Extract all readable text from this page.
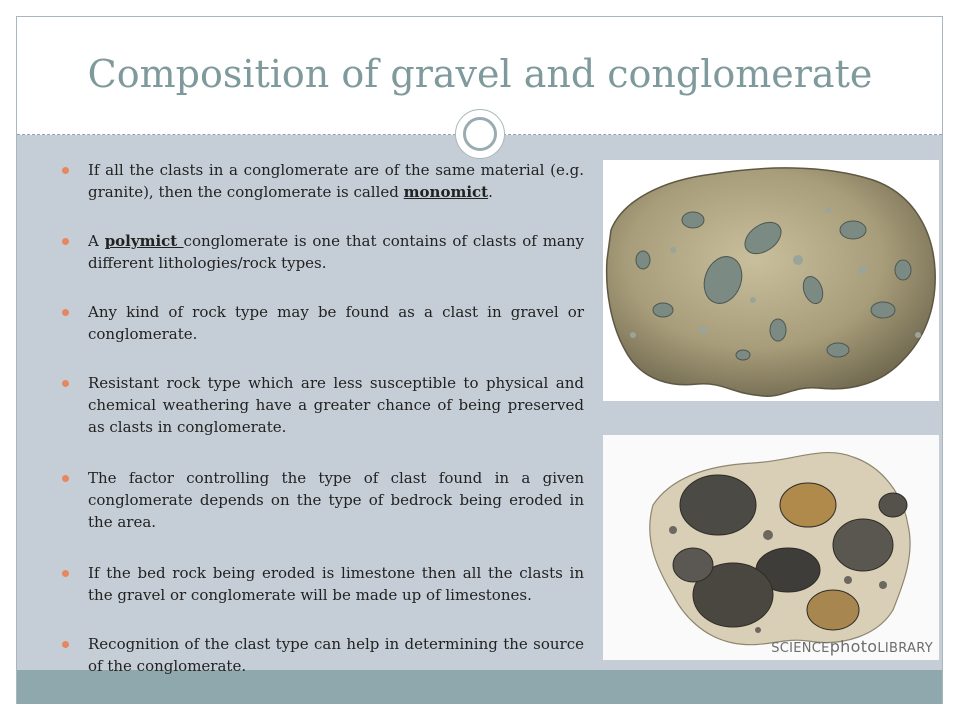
Composition of gravel and conglomerate
If all the clasts in a conglomerate are of the same material (e.g. granite), then the conglomerate is called monomict.
A polymict conglomerate is one that contains of clasts of many different lithologies/rock types.
Any kind of rock type may be found as a clast in gravel or conglomerate.
Resistant rock type which are less susceptible to physical and chemical weathering have a greater chance of being preserved as clasts in conglomerate.
The factor controlling the type of clast found in a given conglomerate depends on the type of bedrock being eroded in the area.
If the bed rock being eroded is limestone then all the clasts in the gravel or conglomerate will be made up of limestones.
Recognition of the clast type can help in determining the source of the conglomerate.
SCIENCEphotoLIBRARY
